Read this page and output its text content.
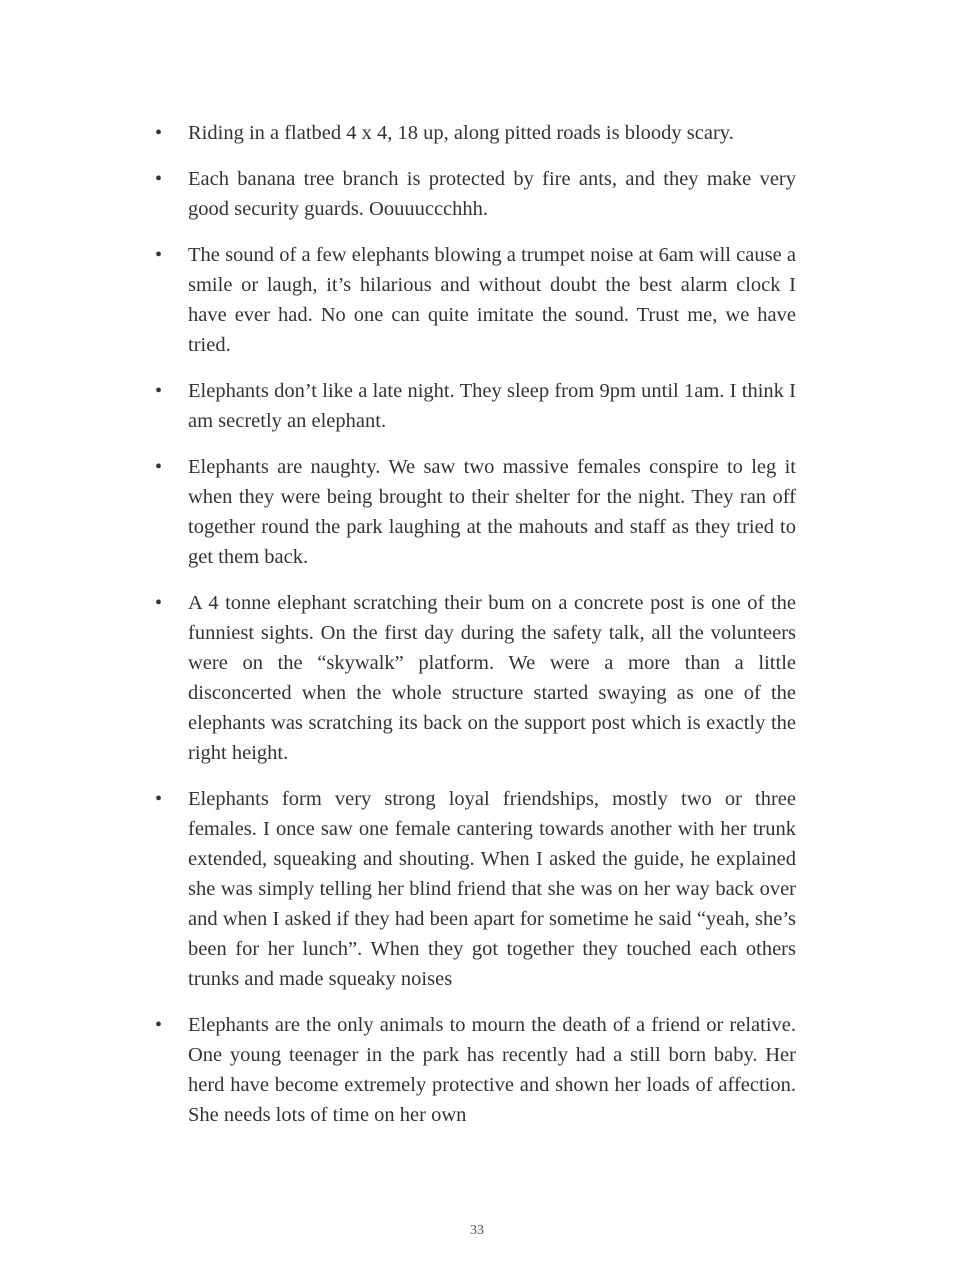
• Riding in a flatbed 4 x 4, 18 up, along pitted roads is bloody scary.
• Each banana tree branch is protected by fire ants, and they make very good security guards. Oouuuccchhh.
• The sound of a few elephants blowing a trumpet noise at 6am will cause a smile or laugh, it’s hilarious and without doubt the best alarm clock I have ever had. No one can quite imitate the sound. Trust me, we have tried.
• Elephants don’t like a late night. They sleep from 9pm until 1am. I think I am secretly an elephant.
• Elephants are naughty. We saw two massive females conspire to leg it when they were being brought to their shelter for the night. They ran off together round the park laughing at the mahouts and staff as they tried to get them back.
• A 4 tonne elephant scratching their bum on a concrete post is one of the funniest sights. On the first day during the safety talk, all the volunteers were on the “skywalk” platform. We were a more than a little disconcerted when the whole structure started swaying as one of the elephants was scratching its back on the support post which is exactly the right height.
• Elephants form very strong loyal friendships, mostly two or three females. I once saw one female cantering towards another with her trunk extended, squeaking and shouting. When I asked the guide, he explained she was simply telling her blind friend that she was on her way back over and when I asked if they had been apart for sometime he said “yeah, she’s been for her lunch”. When they got together they touched each others trunks and made squeaky noises
• Elephants are the only animals to mourn the death of a friend or relative. One young teenager in the park has recently had a still born baby. Her herd have become extremely protective and shown her loads of affection. She needs lots of time on her own
33
